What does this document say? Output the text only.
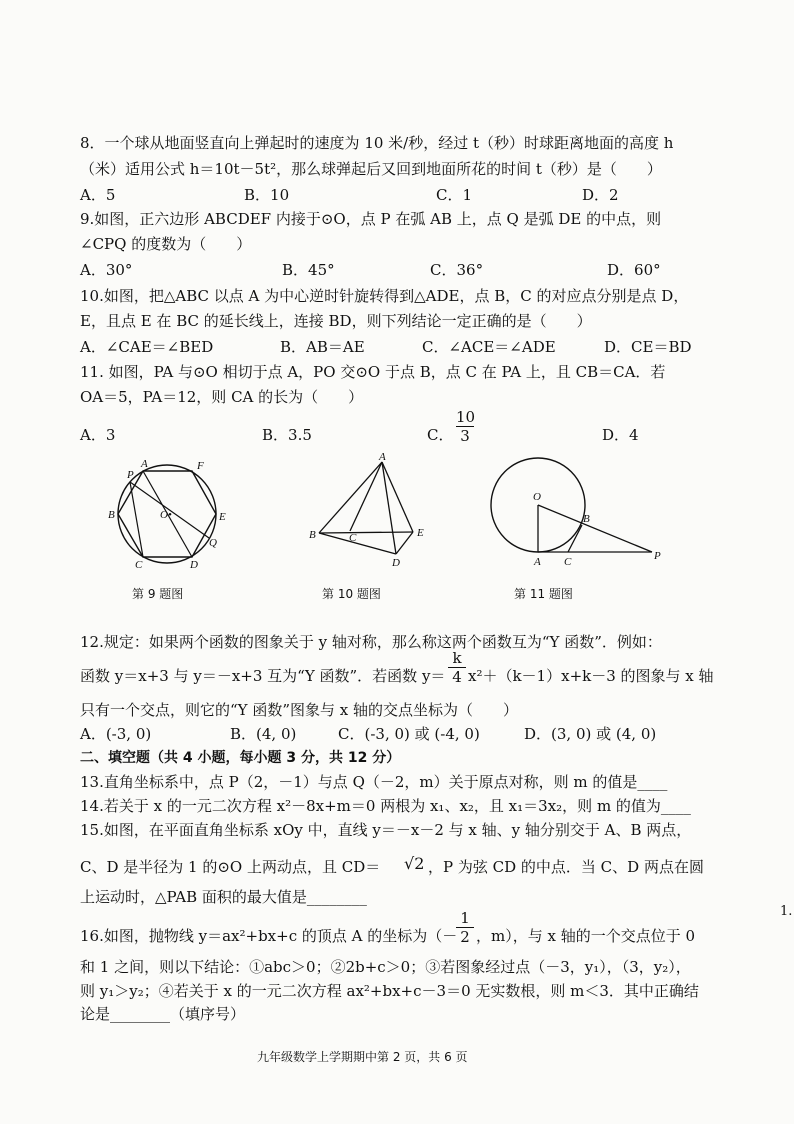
8．一个球从地面竖直向上弹起时的速度为 10 米/秒，经过 t（秒）时球距离地面的高度 h
（米）适用公式 h＝10t－5t²，那么球弹起后又回到地面所花的时间 t（秒）是（　　）
A．5	B．10	C．1	D．2
9.如图，正六边形 ABCDEF 内接于⊙O，点 P 在弧 AB 上，点 Q 是弧 DE 的中点，则
∠CPQ 的度数为（　　）
A．30°	B．45°	C．36°	D．60°
10.如图，把△ABC 以点 A 为中心逆时针旋转得到△ADE，点 B，C 的对应点分别是点 D，
E，且点 E 在 BC 的延长线上，连接 BD，则下列结论一定正确的是（　　）
A．∠CAE＝∠BED	B．AB＝AE	C．∠ACE＝∠ADE	D．CE＝BD
11. 如图，PA 与⊙O 相切于点 A，PO 交⊙O 于点 B，点 C 在 PA 上，且 CB＝CA．若
OA＝5，PA＝12，则 CA 的长为（　　）
A．3	B．3.5	C．	D．4
$\frac{10}{3}$
P
A	F
B	O•	E
Q
C	D
第 9 题图
A
B	C	E
D
第 10 题图
O
B
A C	P
第 11 题图
12.规定：如果两个函数的图象关于 y 轴对称，那么称这两个函数互为“Y 函数”．例如：
函数 y＝x+3 与 y＝－x+3 互为“Y 函数”．若函数 $y= \frac{k}{4} x^2+(k-1)x+k-3$ 的图象与 x 轴
只有一个交点，则它的“Y 函数”图象与 x 轴的交点坐标为（　　）
A．(-3, 0)	B．(4, 0)	C．(-3, 0) 或 (-4, 0)	D．(3, 0) 或 (4, 0)
二、填空题（共 4 小题，每小题 3 分，共 12 分）
13.直角坐标系中，点 P（2，－1）与点 Q（－2，m）关于原点对称，则 m 的值是____
14.若关于 x 的一元二次方程 x²－8x+m＝0 两根为 x₁、x₂，且 x₁＝3x₂，则 m 的值为____
15.如图，在平面直角坐标系 xOy 中，直线 y＝－x－2 与 x 轴、y 轴分别交于 A、B 两点，
C、D 是半径为 1 的⊙O 上两动点，且 CD＝ √2 ，P 为弦 CD 的中点．当 C、D 两点在圆
上运动时，△PAB 面积的最大值是________
16.如图，抛物线 y＝ax²+bx+c 的顶点 A 的坐标为（－
$\frac{1}{2}$ ，m），与 x 轴的一个交点位于 0
和 1 之间，则以下结论：①abc＞0；②2b+c＞0；③若图象经过点（－3，y₁），（3，y₂），
则 y₁＞y₂；④若关于 x 的一元二次方程 ax²+bx+c－3＝0 无实数根，则 m＜3．其中正确结
论是________（填序号）
1.
九年级数学上学期期中第 2 页，共 6 页
